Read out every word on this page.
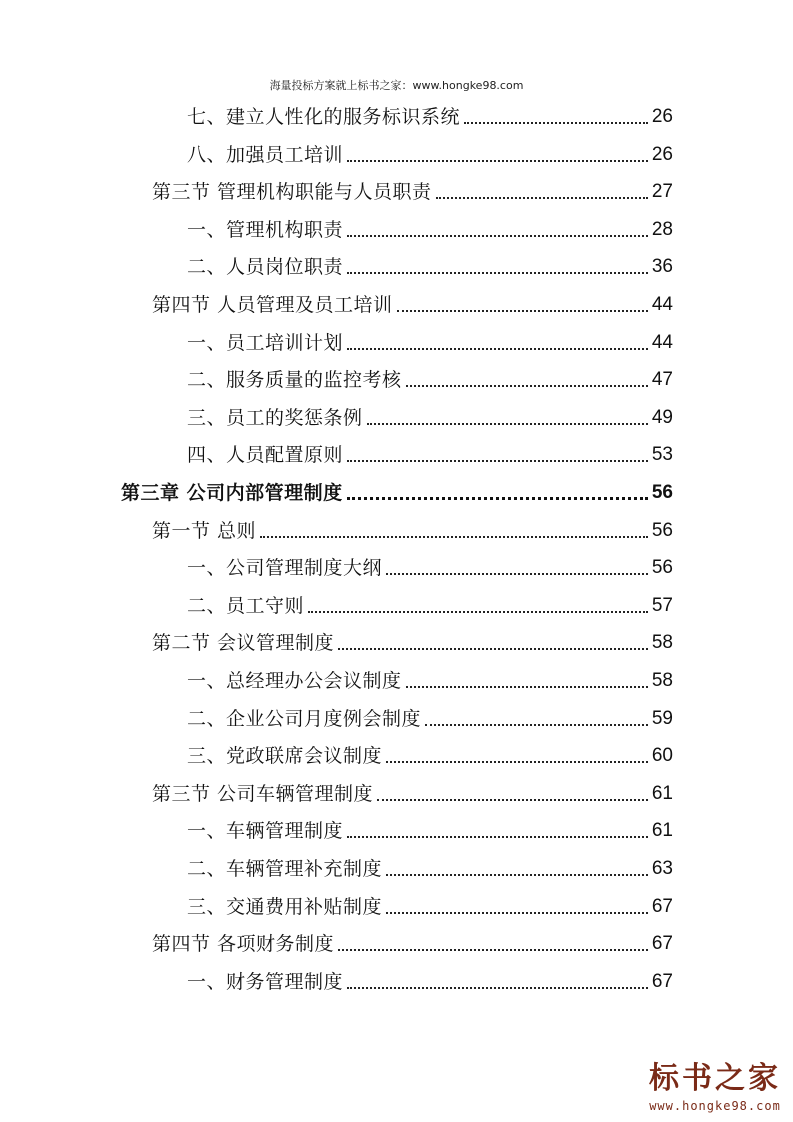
海量投标方案就上标书之家：www.hongke98.com
七、建立人性化的服务标识系统	26
八、加强员工培训	26
第三节 管理机构职能与人员职责	27
一、管理机构职责	28
二、人员岗位职责	36
第四节 人员管理及员工培训	44
一、员工培训计划	44
二、服务质量的监控考核	47
三、员工的奖惩条例	49
四、人员配置原则	53
第三章 公司内部管理制度	56
第一节 总则	56
一、公司管理制度大纲	56
二、员工守则	57
第二节 会议管理制度	58
一、总经理办公会议制度	58
二、企业公司月度例会制度	59
三、党政联席会议制度	60
第三节 公司车辆管理制度	61
一、车辆管理制度	61
二、车辆管理补充制度	63
三、交通费用补贴制度	67
第四节 各项财务制度	67
一、财务管理制度	67
标书之家
www.hongke98.com
